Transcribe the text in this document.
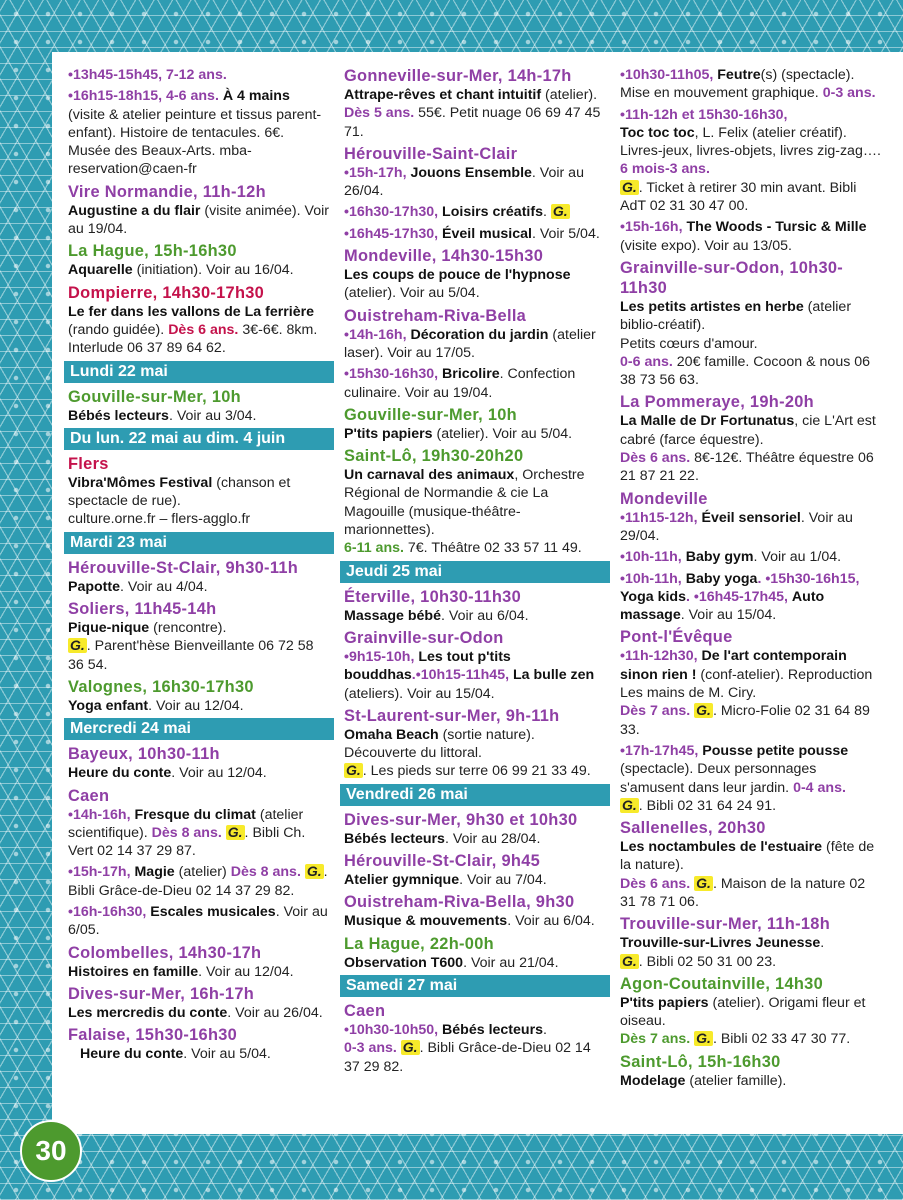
•13h45-15h45, 7-12 ans.
•16h15-18h15, 4-6 ans. À 4 mains (visite & atelier peinture et tissus parent-enfant). Histoire de tentacules. 6€. Musée des Beaux-Arts. mba-reservation@caen-fr
Vire Normandie, 11h-12h
Augustine a du flair (visite animée). Voir au 19/04.
La Hague, 15h-16h30
Aquarelle (initiation). Voir au 16/04.
Dompierre, 14h30-17h30
Le fer dans les vallons de La ferrière (rando guidée). Dès 6 ans. 3€-6€. 8km. Interlude 06 37 89 64 62.
Lundi 22 mai
Gouville-sur-Mer, 10h
Bébés lecteurs. Voir au 3/04.
Du lun. 22 mai au dim. 4 juin
Flers
Vibra'Mômes Festival (chanson et spectacle de rue).
culture.orne.fr – flers-agglo.fr
Mardi 23 mai
Hérouville-St-Clair, 9h30-11h
Papotte. Voir au 4/04.
Soliers, 11h45-14h
Pique-nique (rencontre).
G. . Parent'hèse Bienveillante 06 72 58 36 54.
Valognes, 16h30-17h30
Yoga enfant. Voir au 12/04.
Mercredi 24 mai
Bayeux, 10h30-11h
Heure du conte. Voir au 12/04.
Caen
•14h-16h, Fresque du climat (atelier scientifique). Dès 8 ans. G. . Bibli Ch. Vert 02 14 37 29 87.
•15h-17h, Magie (atelier) Dès 8 ans. G. . Bibli Grâce-de-Dieu 02 14 37 29 82.
•16h-16h30, Escales musicales. Voir au 6/05.
Colombelles, 14h30-17h
Histoires en famille. Voir au 12/04.
Dives-sur-Mer, 16h-17h
Les mercredis du conte. Voir au 26/04.
Falaise, 15h30-16h30
Heure du conte. Voir au 5/04.
Gonneville-sur-Mer, 14h-17h
Attrape-rêves et chant intuitif (atelier). Dès 5 ans. 55€. Petit nuage 06 69 47 45 71.
Hérouville-Saint-Clair
•15h-17h, Jouons Ensemble. Voir au 26/04.
•16h30-17h30, Loisirs créatifs. G.
•16h45-17h30, Éveil musical. Voir 5/04.
Mondeville, 14h30-15h30
Les coups de pouce de l'hypnose (atelier). Voir au 5/04.
Ouistreham-Riva-Bella
•14h-16h, Décoration du jardin (atelier laser). Voir au 17/05.
•15h30-16h30, Bricolire. Confection culinaire. Voir au 19/04.
Gouville-sur-Mer, 10h
P'tits papiers (atelier). Voir au 5/04.
Saint-Lô, 19h30-20h20
Un carnaval des animaux, Orchestre Régional de Normandie & cie La Magouille (musique-théâtre-marionnettes).
6-11 ans. 7€. Théâtre 02 33 57 11 49.
Jeudi 25 mai
Éterville, 10h30-11h30
Massage bébé. Voir au 6/04.
Grainville-sur-Odon
•9h15-10h, Les tout p'tits bouddhas.•10h15-11h45, La bulle zen (ateliers). Voir au 15/04.
St-Laurent-sur-Mer, 9h-11h
Omaha Beach (sortie nature). Découverte du littoral.
G. . Les pieds sur terre 06 99 21 33 49.
Vendredi 26 mai
Dives-sur-Mer, 9h30 et 10h30
Bébés lecteurs. Voir au 28/04.
Hérouville-St-Clair, 9h45
Atelier gymnique. Voir au 7/04.
Ouistreham-Riva-Bella, 9h30
Musique & mouvements. Voir au 6/04.
La Hague, 22h-00h
Observation T600. Voir au 21/04.
Samedi 27 mai
Caen
•10h30-10h50, Bébés lecteurs.
0-3 ans. G. . Bibli Grâce-de-Dieu 02 14 37 29 82.
•10h30-11h05, Feutre(s) (spectacle). Mise en mouvement graphique. 0-3 ans.
•11h-12h et 15h30-16h30,
Toc toc toc, L. Felix (atelier créatif). Livres-jeux, livres-objets, livres zig-zag…. 6 mois-3 ans.
G. . Ticket à retirer 30 min avant. Bibli AdT 02 31 30 47 00.
•15h-16h, The Woods - Tursic & Mille (visite expo). Voir au 13/05.
Grainville-sur-Odon, 10h30-11h30
Les petits artistes en herbe (atelier biblio-créatif).
Petits cœurs d'amour.
0-6 ans. 20€ famille. Cocoon & nous 06 38 73 56 63.
La Pommeraye, 19h-20h
La Malle de Dr Fortunatus, cie L'Art est cabré (farce équestre).
Dès 6 ans. 8€-12€. Théâtre équestre 06 21 87 21 22.
Mondeville
•11h15-12h, Éveil sensoriel. Voir au 29/04.
•10h-11h, Baby gym. Voir au 1/04.
•10h-11h, Baby yoga. •15h30-16h15, Yoga kids. •16h45-17h45, Auto massage. Voir au 15/04.
Pont-l'Évêque
•11h-12h30, De l'art contemporain sinon rien ! (conf-atelier). Reproduction Les mains de M. Ciry.
Dès 7 ans. G. . Micro-Folie 02 31 64 89 33.
•17h-17h45, Pousse petite pousse (spectacle). Deux personnages s'amusent dans leur jardin. 0-4 ans.
G. . Bibli 02 31 64 24 91.
Sallenelles, 20h30
Les noctambules de l'estuaire (fête de la nature).
Dès 6 ans. G. . Maison de la nature 02 31 78 71 06.
Trouville-sur-Mer, 11h-18h
Trouville-sur-Livres Jeunesse.
G. . Bibli 02 50 31 00 23.
Agon-Coutainville, 14h30
P'tits papiers (atelier). Origami fleur et oiseau.
Dès 7 ans. G. . Bibli 02 33 47 30 77.
Saint-Lô, 15h-16h30
Modelage (atelier famille).
30
